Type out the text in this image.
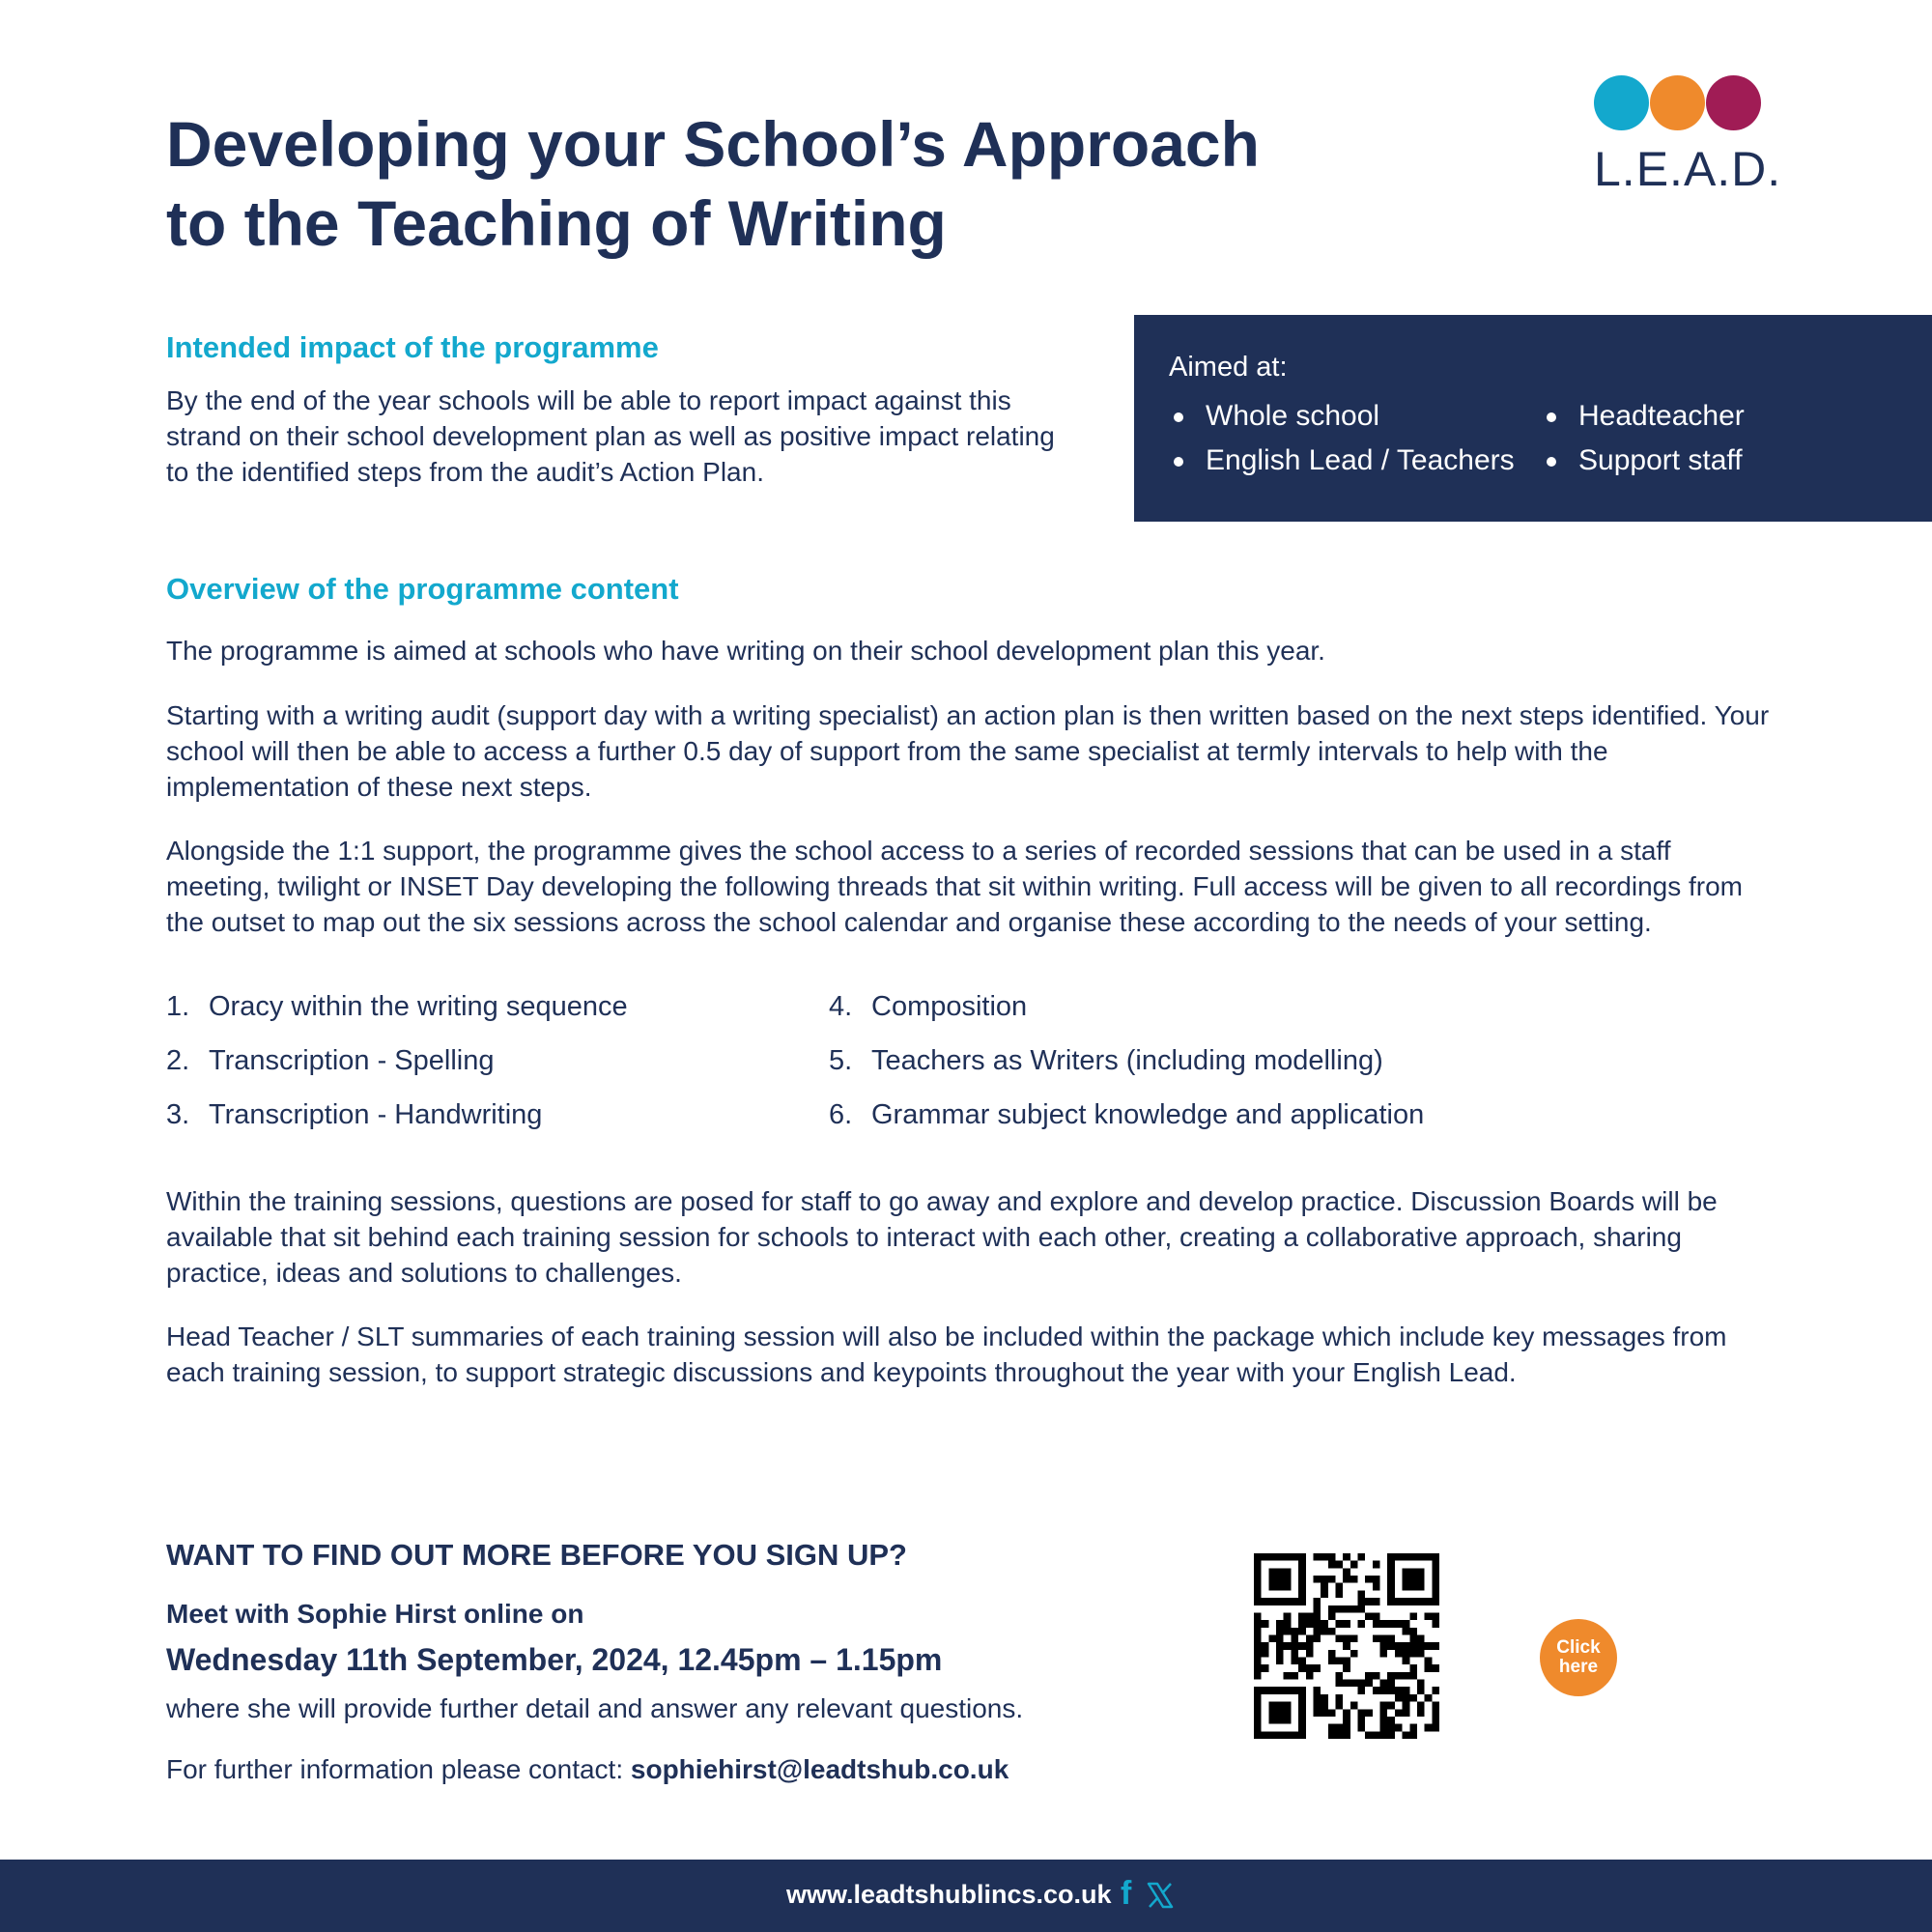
Developing your School’s Approach
to the Teaching of Writing
L.E.A.D.
Intended impact of the programme

By the end of the year schools will be able to report impact against this strand on their school development plan as well as positive impact relating to the identified steps from the audit’s Action Plan.

Aimed at:
Whole school
English Lead / Teachers
Headteacher
Support staff
Overview of the programme content

The programme is aimed at schools who have writing on their school development plan this year.

Starting with a writing audit (support day with a writing specialist) an action plan is then written based on the next steps identified. Your school will then be able to access a further 0.5 day of support from the same specialist at termly intervals to help with the implementation of these next steps.

Alongside the 1:1 support, the programme gives the school access to a series of recorded sessions that can be used in a staff meeting, twilight or INSET Day developing the following threads that sit within writing. Full access will be given to all recordings from the outset to map out the six sessions across the school calendar and organise these according to the needs of your setting.

1. Oracy within the writing sequence
2. Transcription - Spelling
3. Transcription - Handwriting
4. Composition
5. Teachers as Writers (including modelling)
6. Grammar subject knowledge and application

Within the training sessions, questions are posed for staff to go away and explore and develop practice. Discussion Boards will be available that sit behind each training session for schools to interact with each other, creating a collaborative approach, sharing practice, ideas and solutions to challenges.

Head Teacher / SLT summaries of each training session will also be included within the package which include key messages from each training session, to support strategic discussions and keypoints throughout the year with your English Lead.

WANT TO FIND OUT MORE BEFORE YOU SIGN UP?
Meet with Sophie Hirst online on
Wednesday 11th September, 2024, 12.45pm – 1.15pm
where she will provide further detail and answer any relevant questions.
For further information please contact: sophiehirst@leadtshub.co.uk
Click here
www.leadtshublincs.co.uk f
